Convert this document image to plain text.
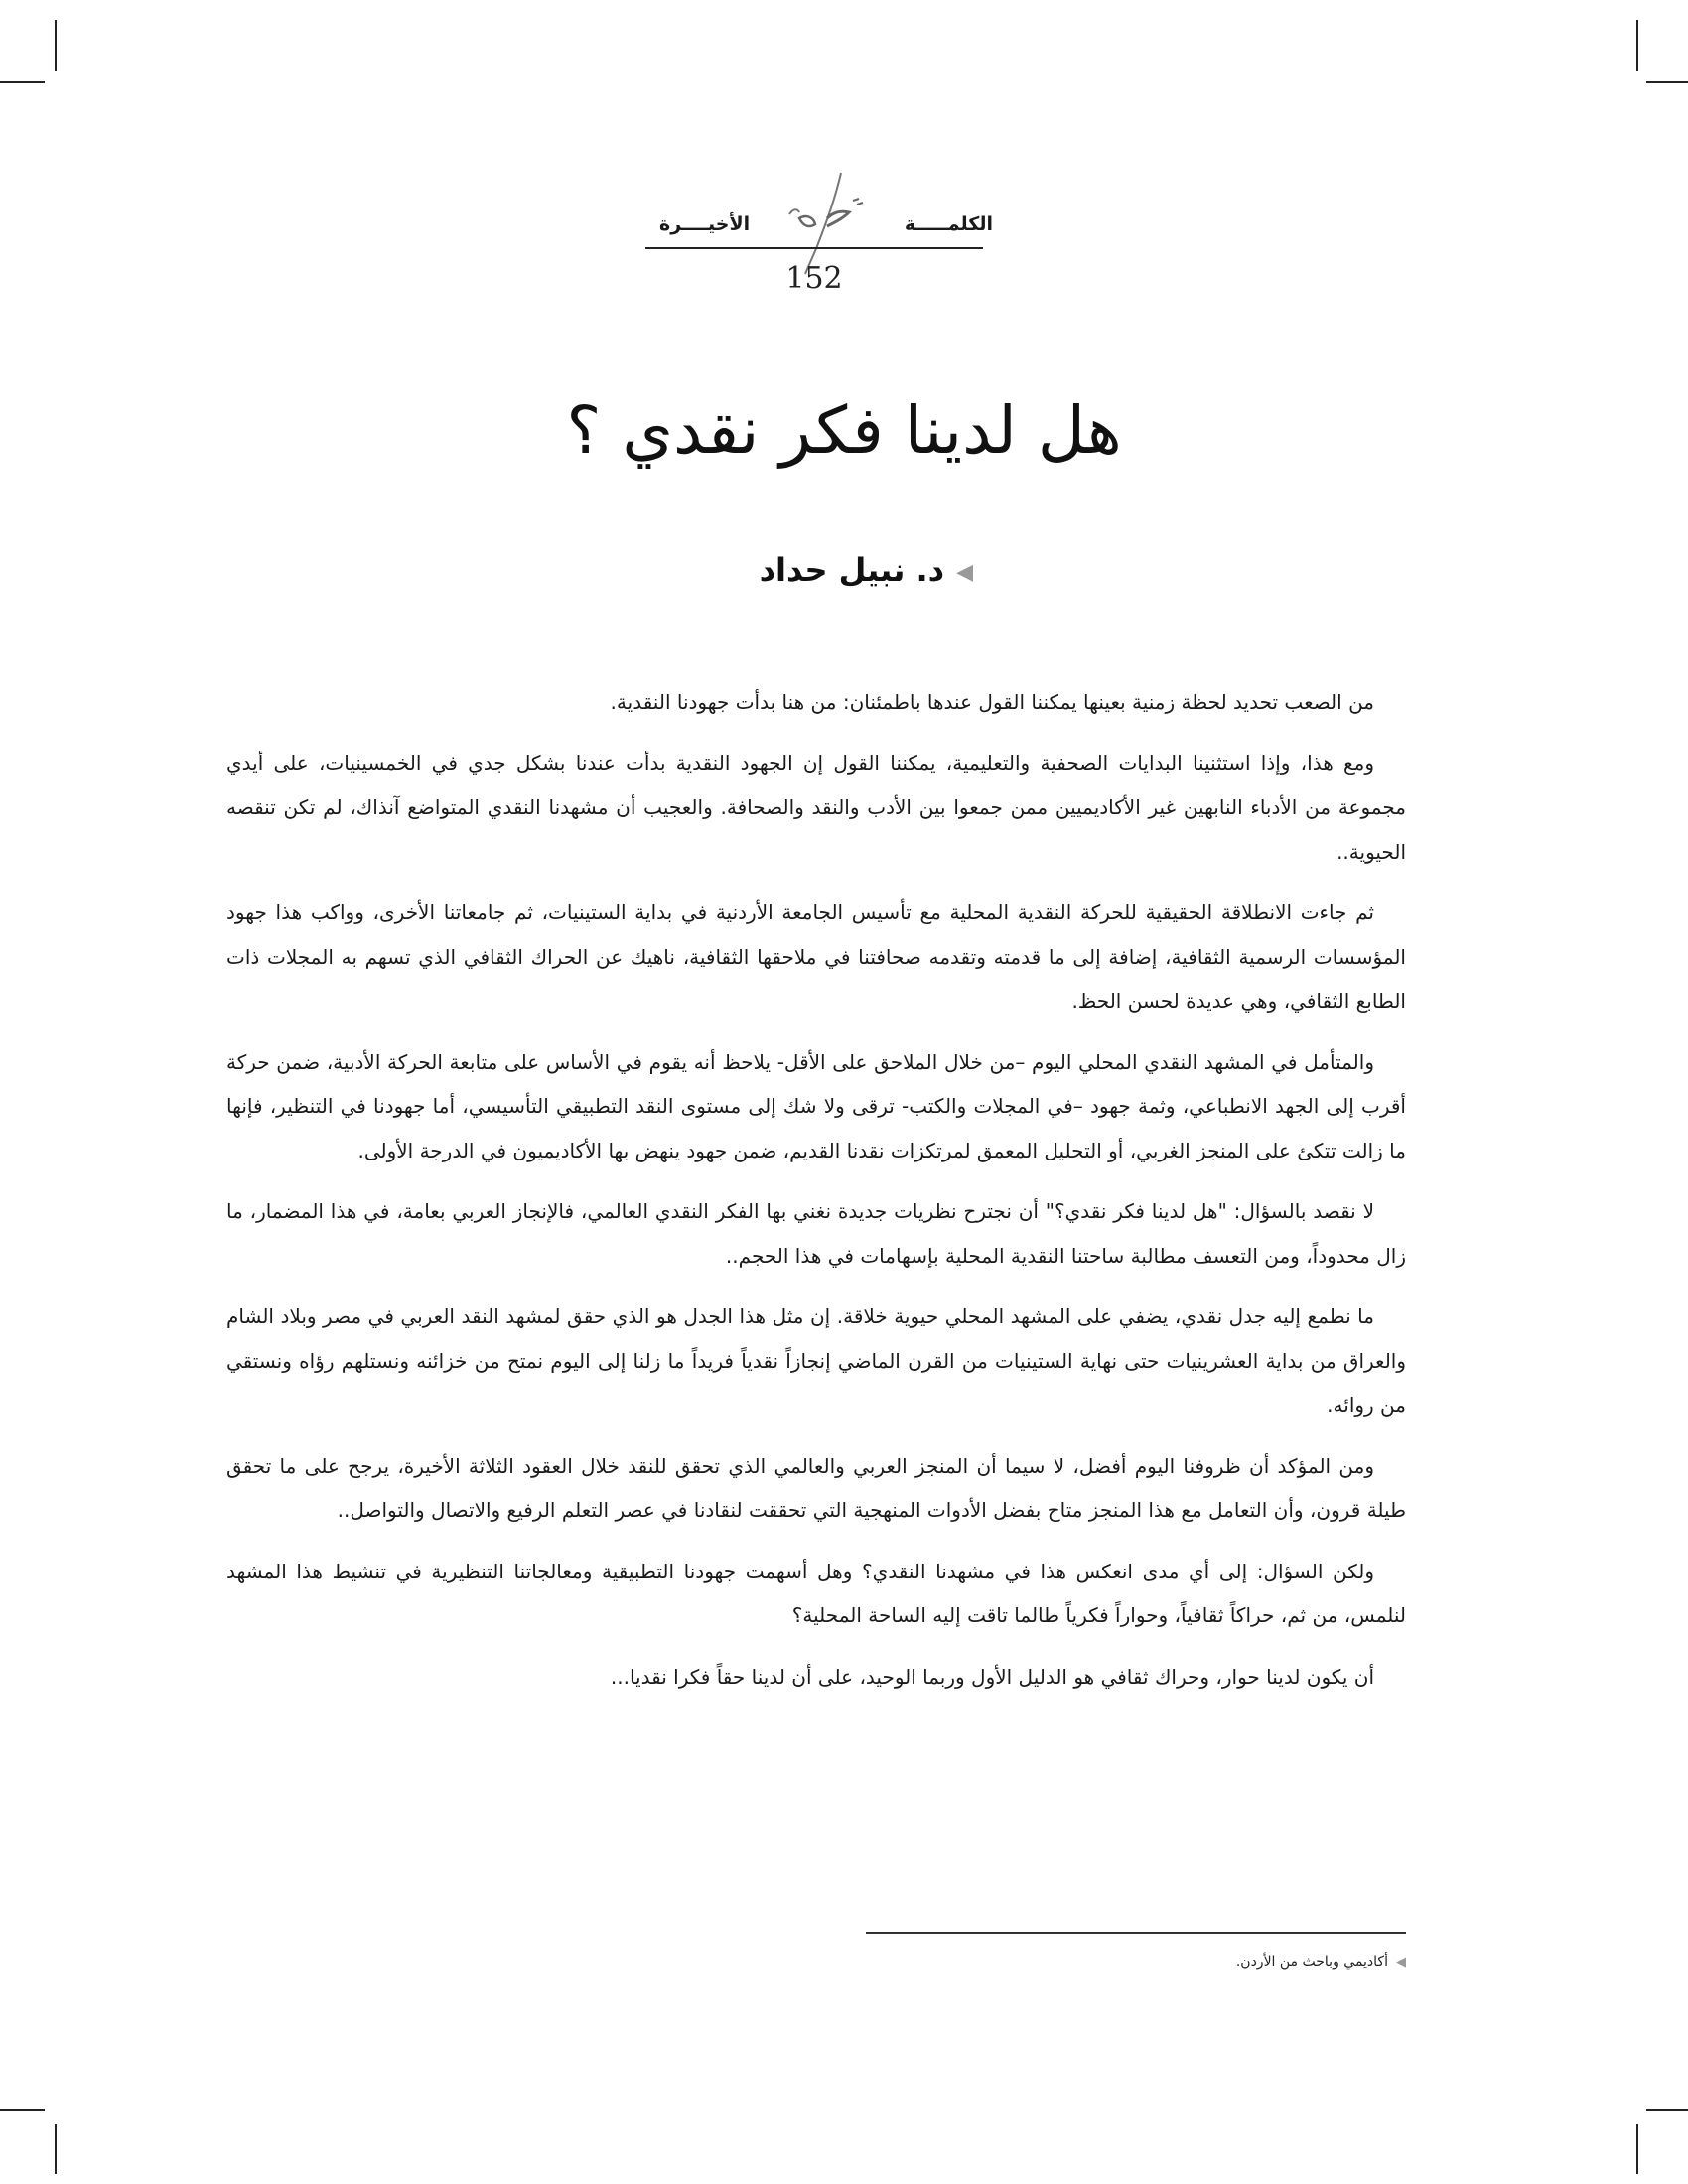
الكلمـــــة
الأخيــــرة
152
هل لدينا فكر نقدي ؟
◀د. نبيل حداد

من الصعب تحديد لحظة زمنية بعينها يمكننا القول عندها باطمئنان: من هنا بدأت جهودنا النقدية.

ومع هذا، وإذا استثنينا البدايات الصحفية والتعليمية، يمكننا القول إن الجهود النقدية بدأت عندنا بشكل جدي في الخمسينيات، على أيدي مجموعة من الأدباء النابهين غير الأكاديميين ممن جمعوا بين الأدب والنقد والصحافة. والعجيب أن مشهدنا النقدي المتواضع آنذاك، لم تكن تنقصه الحيوية..

ثم جاءت الانطلاقة الحقيقية للحركة النقدية المحلية مع تأسيس الجامعة الأردنية في بداية الستينيات، ثم جامعاتنا الأخرى، وواكب هذا جهود المؤسسات الرسمية الثقافية، إضافة إلى ما قدمته وتقدمه صحافتنا في ملاحقها الثقافية، ناهيك عن الحراك الثقافي الذي تسهم به المجلات ذات الطابع الثقافي، وهي عديدة لحسن الحظ.

والمتأمل في المشهد النقدي المحلي اليوم –من خلال الملاحق على الأقل- يلاحظ أنه يقوم في الأساس على متابعة الحركة الأدبية، ضمن حركة أقرب إلى الجهد الانطباعي، وثمة جهود –في المجلات والكتب- ترقى ولا شك إلى مستوى النقد التطبيقي التأسيسي، أما جهودنا في التنظير، فإنها ما زالت تتكئ على المنجز الغربي، أو التحليل المعمق لمرتكزات نقدنا القديم، ضمن جهود ينهض بها الأكاديميون في الدرجة الأولى.

لا نقصد بالسؤال: "هل لدينا فكر نقدي؟" أن نجترح نظريات جديدة نغني بها الفكر النقدي العالمي، فالإنجاز العربي بعامة، في هذا المضمار، ما زال محدوداً، ومن التعسف مطالبة ساحتنا النقدية المحلية بإسهامات في هذا الحجم..

ما نطمع إليه جدل نقدي، يضفي على المشهد المحلي حيوية خلاقة. إن مثل هذا الجدل هو الذي حقق لمشهد النقد العربي في مصر وبلاد الشام والعراق من بداية العشرينيات حتى نهاية الستينيات من القرن الماضي إنجازاً نقدياً فريداً ما زلنا إلى اليوم نمتح من خزائنه ونستلهم رؤاه ونستقي من روائه.

ومن المؤكد أن ظروفنا اليوم أفضل، لا سيما أن المنجز العربي والعالمي الذي تحقق للنقد خلال العقود الثلاثة الأخيرة، يرجح على ما تحقق طيلة قرون، وأن التعامل مع هذا المنجز متاح بفضل الأدوات المنهجية التي تحققت لنقادنا في عصر التعلم الرفيع والاتصال والتواصل..

ولكن السؤال: إلى أي مدى انعكس هذا في مشهدنا النقدي؟ وهل أسهمت جهودنا التطبيقية ومعالجاتنا التنظيرية في تنشيط هذا المشهد لنلمس، من ثم، حراكاً ثقافياً، وحواراً فكرياً طالما تاقت إليه الساحة المحلية؟

أن يكون لدينا حوار، وحراك ثقافي هو الدليل الأول وربما الوحيد، على أن لدينا حقاً فكرا نقديا...

◀أكاديمي وباحث من الأردن.
